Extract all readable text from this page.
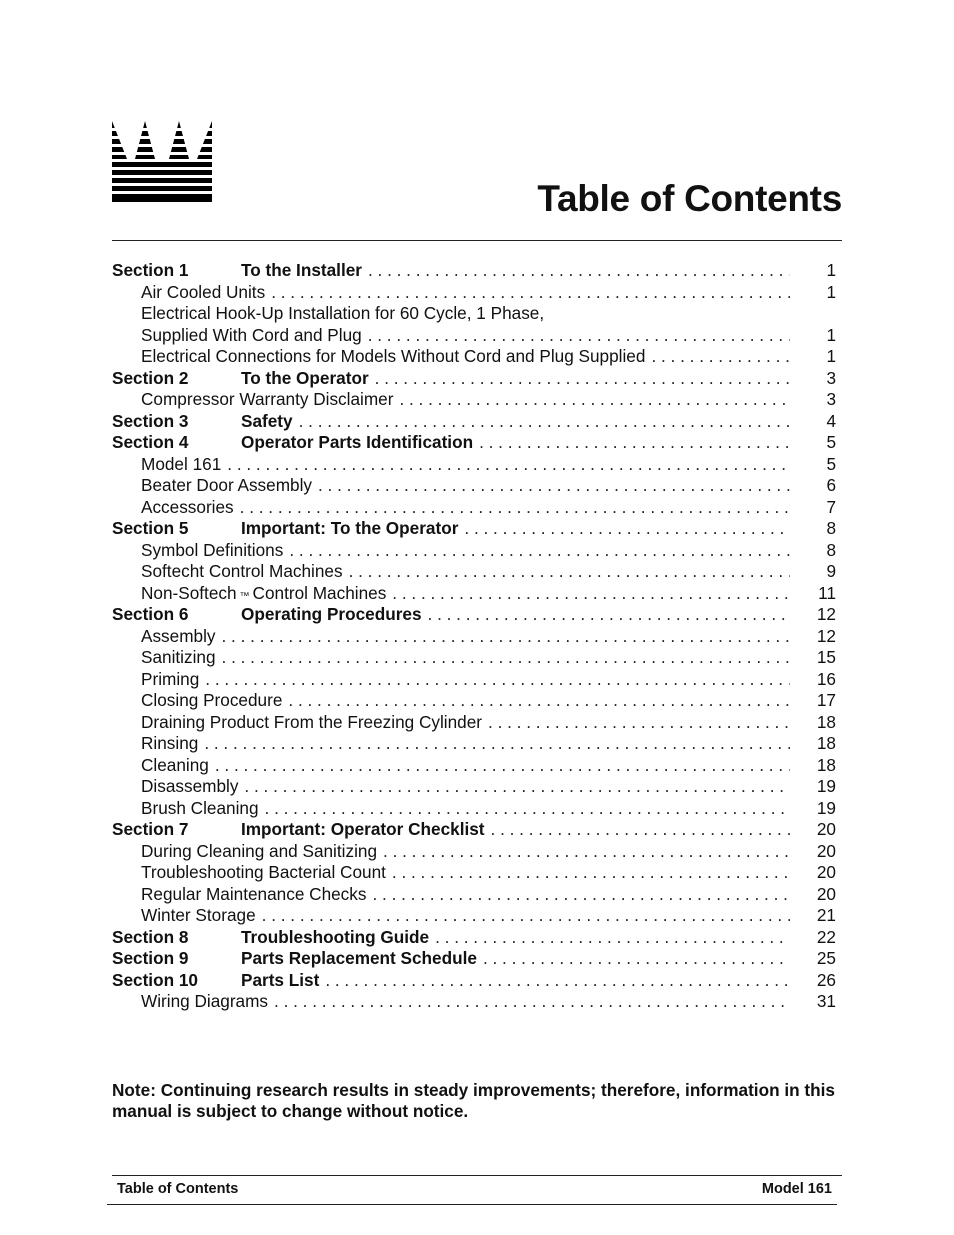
Table of Contents
Section 1	To the Installer . . .	1
Air Cooled Units . . .	1
Electrical Hook-Up Installation for 60 Cycle, 1 Phase,
Supplied With Cord and Plug . . .	1
Electrical Connections for Models Without Cord and Plug Supplied . . .	1
Section 2	To the Operator . . .	3
Compressor Warranty Disclaimer . . .	3
Section 3	Safety . . .	4
Section 4	Operator Parts Identification . . .	5
Model 161 . . .	5
Beater Door Assembly . . .	6
Accessories . . .	7
Section 5	Important: To the Operator . . .	8
Symbol Definitions . . .	8
Softecht Control Machines . . .	9
Non-Softech ™ Control Machines . . .	11
Section 6	Operating Procedures . . .	12
Assembly . . .	12
Sanitizing . . .	15
Priming . . .	16
Closing Procedure . . .	17
Draining Product From the Freezing Cylinder . . .	18
Rinsing . . .	18
Cleaning . . .	18
Disassembly . . .	19
Brush Cleaning . . .	19
Section 7	Important: Operator Checklist . . .	20
During Cleaning and Sanitizing . . .	20
Troubleshooting Bacterial Count . . .	20
Regular Maintenance Checks . . .	20
Winter Storage . . .	21
Section 8	Troubleshooting Guide . . .	22
Section 9	Parts Replacement Schedule . . .	25
Section 10	Parts List . . .	26
Wiring Diagrams . . .	31

Note: Continuing research results in steady improvements; therefore, information in this manual is subject to change without notice.

Table of Contents	Model 161
